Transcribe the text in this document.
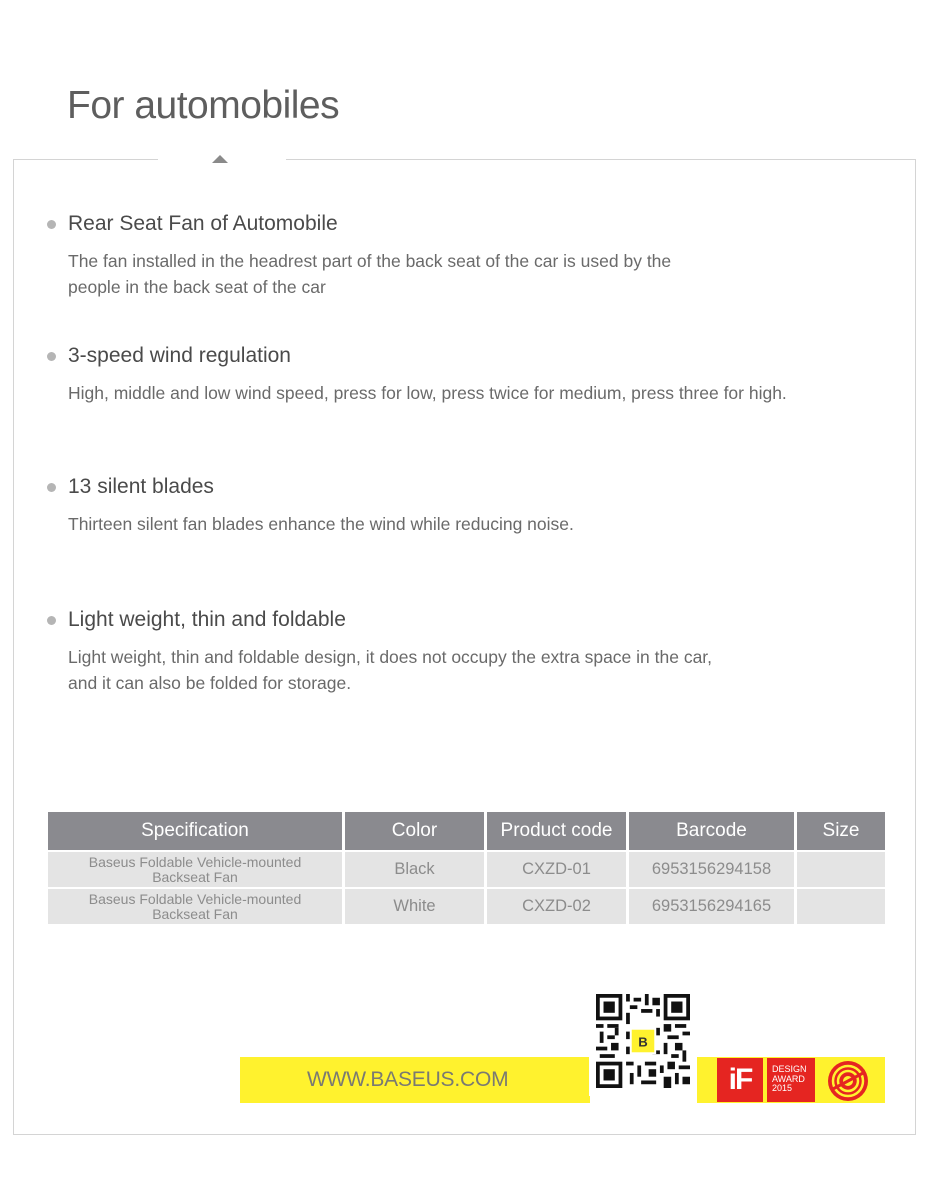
For automobiles
Rear Seat Fan of Automobile

The fan installed in the headrest part of the back seat of the car is used by the
people in the back seat of the car

3-speed wind regulation

High, middle and low wind speed, press for low, press twice for medium, press three for high.

13 silent blades

Thirteen silent fan blades enhance the wind while reducing noise.

Light weight, thin and foldable

Light weight, thin and foldable design, it does not occupy the extra space in the car,
and it can also be folded for storage.

Specification	Color	Product code	Barcode	Size
Baseus Foldable Vehicle-mounted
Backseat Fan	Black	CXZD-01	6953156294158	
Baseus Foldable Vehicle-mounted
Backseat Fan	White	CXZD-02	6953156294165	
WWW.BASEUS.COM
B
iF	DESIGN
AWARD
2015
